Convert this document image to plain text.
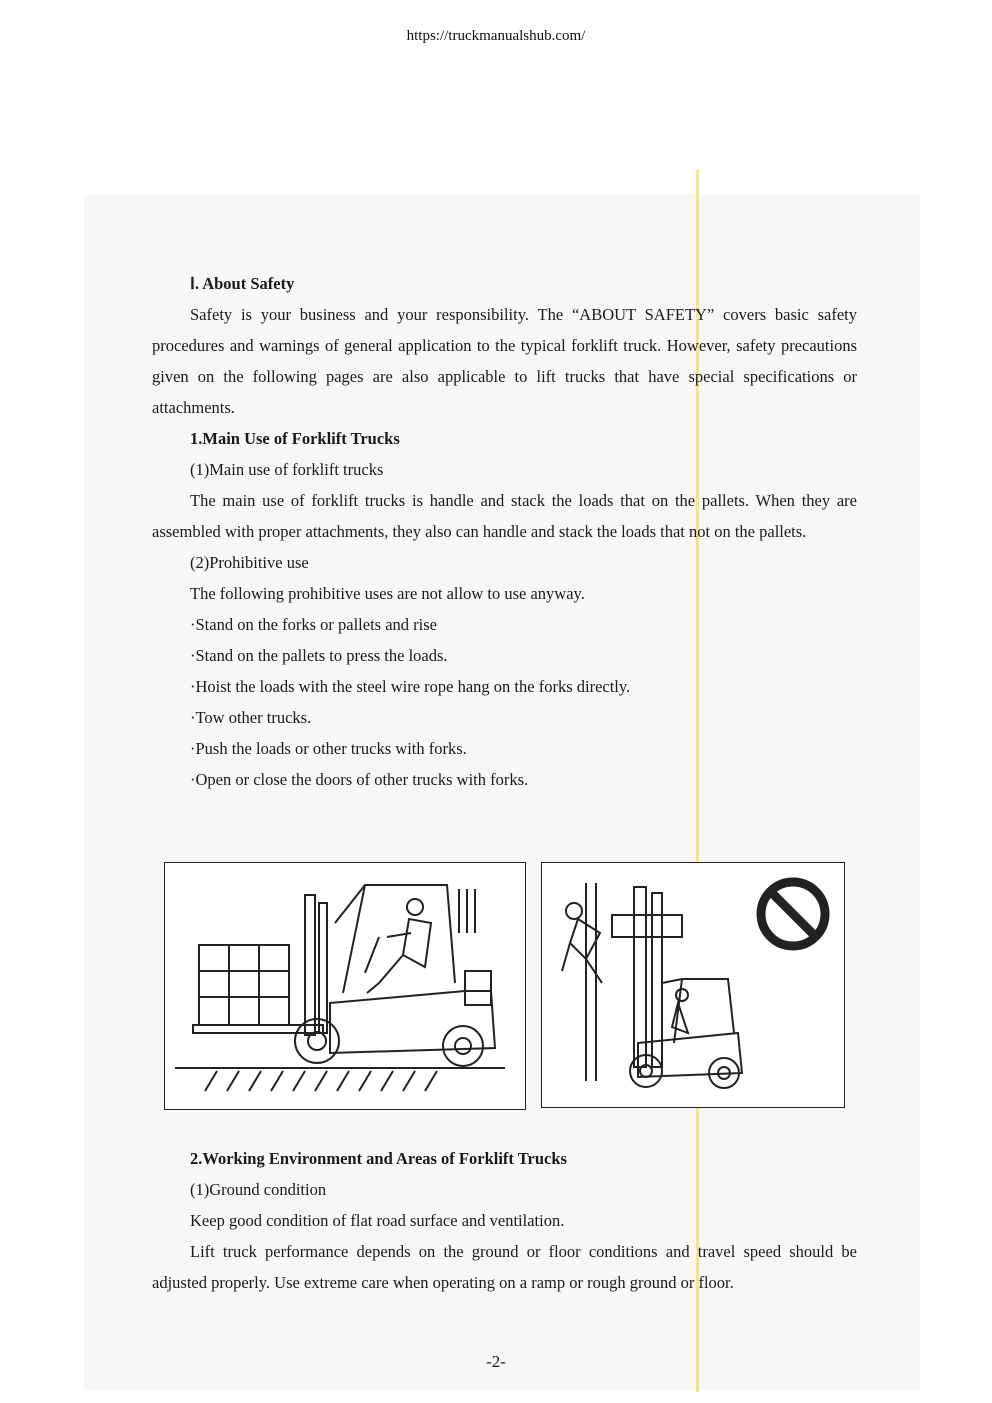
https://truckmanualshub.com/

Ⅰ. About Safety

Safety is your business and your responsibility. The “ABOUT SAFETY” covers basic safety procedures and warnings of general application to the typical forklift truck. However, safety precautions given on the following pages are also applicable to lift trucks that have special specifications or attachments.

1.Main Use of Forklift Trucks

(1)Main use of forklift trucks

The main use of forklift trucks is handle and stack the loads that on the pallets. When they are assembled with proper attachments, they also can handle and stack the loads that not on the pallets.

(2)Prohibitive use

The following prohibitive uses are not allow to use anyway.

·Stand on the forks or pallets and rise

·Stand on the pallets to press the loads.

·Hoist the loads with the steel wire rope hang on the forks directly.

·Tow other trucks.

·Push the loads or other trucks with forks.

·Open or close the doors of other trucks with forks.

2.Working Environment and Areas of Forklift Trucks

(1)Ground condition

Keep good condition of flat road surface and ventilation.

Lift truck performance depends on the ground or floor conditions and travel speed should be adjusted properly. Use extreme care when operating on a ramp or rough ground or floor.

-2-
